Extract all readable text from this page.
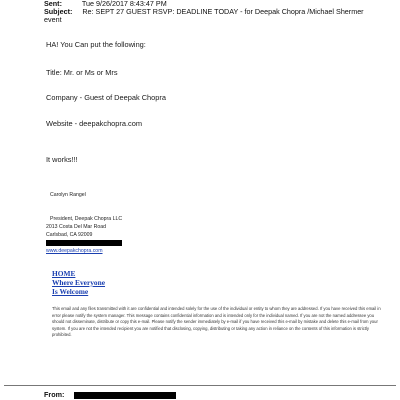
Sent:	Tue 9/26/2017 8:43:47 PM
Subject: Re: SEPT 27 GUEST RSVP: DEADLINE TODAY - for Deepak Chopra /Michael Shermer
event
HA! You Can put the following:
Title: Mr. or Ms or Mrs
Company - Guest of Deepak Chopra
Website - deepakchopra.com
It works!!!
Carolyn Rangel
President, Deepak Chopra LLC
2013 Costa Del Mar Road
Carlsbad, CA 92009
www.deepakchopra.com
HOME
Where Everyone
Is Welcome
This email and any files transmitted with it are confidential and intended solely for the use of the individual or entity to whom they are addressed. If you have received this email in error please notify the system manager. This message contains confidential information and is intended only for the individual named. If you are not the named addressee you should not disseminate, distribute or copy this e-mail. Please notify the sender immediately by e-mail if you have received this e-mail by mistake and delete this e-mail from your system. If you are not the intended recipient you are notified that disclosing, copying, distributing or taking any action in reliance on the contents of this information is strictly prohibited.
From:
